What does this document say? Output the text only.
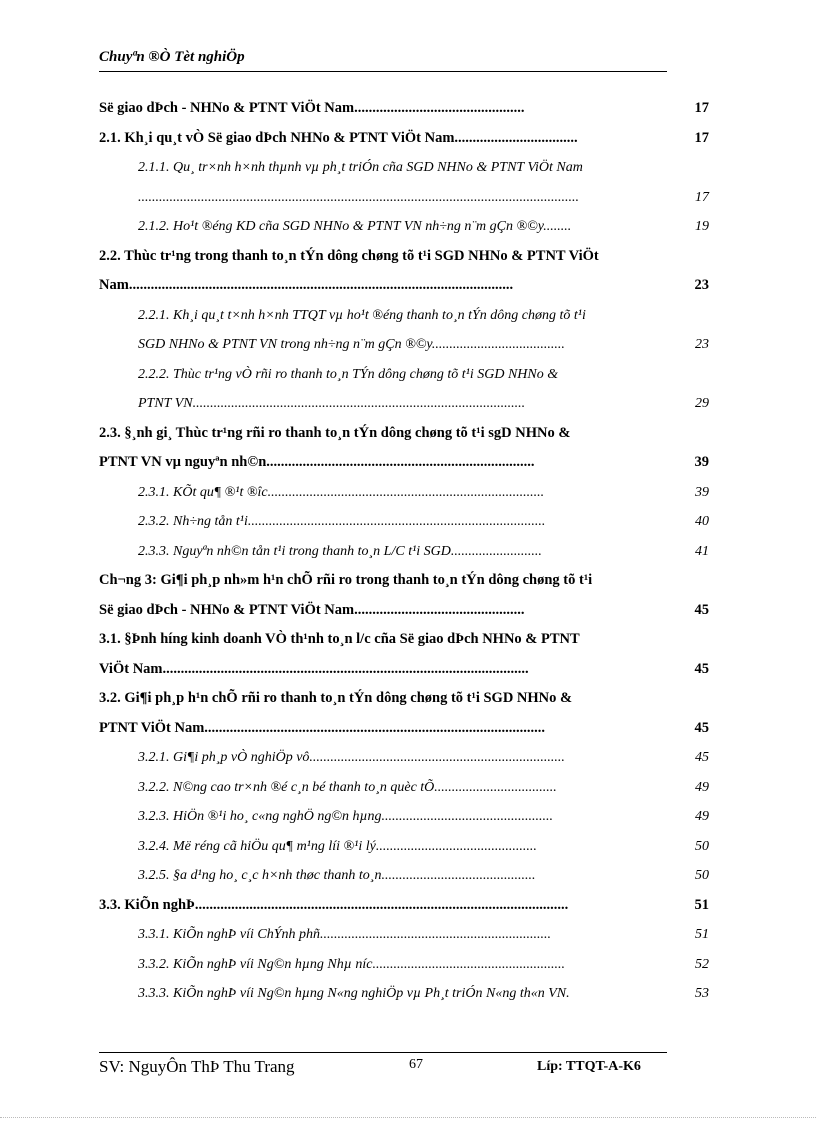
Chuyªn ®Ò Tèt nghiÖp
Së giao dÞch - NHNo & PTNT ViÖt Nam...............................................	17
2.1. Kh¸i qu¸t vÒ Së giao dÞch NHNo & PTNT ViÖt Nam..................................	17
2.1.1. Qu¸ tr×nh h×nh thµnh vµ ph¸t triÓn cña SGD NHNo & PTNT ViÖt Nam
..............................................................................................................................	17
2.1.2. Ho¹t ®éng KD cña SGD NHNo & PTNT VN nh÷ng n¨m gÇn ®©y........	19
2.2. Thùc tr¹ng trong thanh to¸n tÝn dông chøng tõ t¹i SGD NHNo & PTNT ViÖt
Nam..........................................................................................................	23
2.2.1. Kh¸i qu¸t t×nh h×nh TTQT vµ ho¹t ®éng thanh to¸n tÝn dông chøng tõ t¹i
SGD NHNo & PTNT VN trong nh÷ng n¨m gÇn ®©y......................................	23
2.2.2. Thùc tr¹ng vÒ rñi ro thanh to¸n TÝn dông chøng tõ t¹i SGD NHNo &
PTNT VN...............................................................................................	29
2.3. §¸nh gi¸ Thùc tr¹ng rñi ro thanh to¸n tÝn dông chøng tõ t¹i sgD NHNo &
PTNT VN vµ nguyªn nh©n..........................................................................	39
2.3.1. KÕt qu¶ ®¹t ®îc...............................................................................	39
2.3.2. Nh÷ng tån t¹i.....................................................................................	40
2.3.3. Nguyªn nh©n tån t¹i trong thanh to¸n L/C t¹i SGD..........................	41
Ch¬ng 3: Gi¶i ph¸p nh»m h¹n chÕ rñi ro trong thanh to¸n tÝn dông chøng tõ t¹i
Së giao dÞch - NHNo & PTNT ViÖt Nam...............................................	45
3.1. §Þnh híng kinh doanh VÒ th¹nh to¸n l/c cña Së giao dÞch NHNo & PTNT
ViÖt Nam.....................................................................................................	45
3.2. Gi¶i ph¸p h¹n chÕ rñi ro thanh to¸n tÝn dông chøng tõ t¹i SGD NHNo &
PTNT ViÖt Nam..............................................................................................	45
3.2.1. Gi¶i ph¸p vÒ nghiÖp vô.........................................................................	45
3.2.2. N©ng cao tr×nh ®é c¸n bé thanh to¸n quèc tÕ...................................	49
3.2.3. HiÖn ®¹i ho¸ c«ng nghÖ ng©n hµng.................................................	49
3.2.4. Më réng cã hiÖu qu¶ m¹ng líi ®¹i lý..............................................	50
3.2.5. §a d¹ng ho¸ c¸c h×nh thøc thanh to¸n............................................	50
3.3. KiÕn nghÞ.......................................................................................................	51
3.3.1. KiÕn nghÞ víi ChÝnh phñ..................................................................	51
3.3.2. KiÕn nghÞ víi Ng©n hµng Nhµ níc.......................................................	52
3.3.3. KiÕn nghÞ víi Ng©n hµng N«ng nghiÖp vµ Ph¸t triÓn N«ng th«n VN.	53
SV: NguyÔn ThÞ Thu Trang	67	Líp: TTQT-A-K6
